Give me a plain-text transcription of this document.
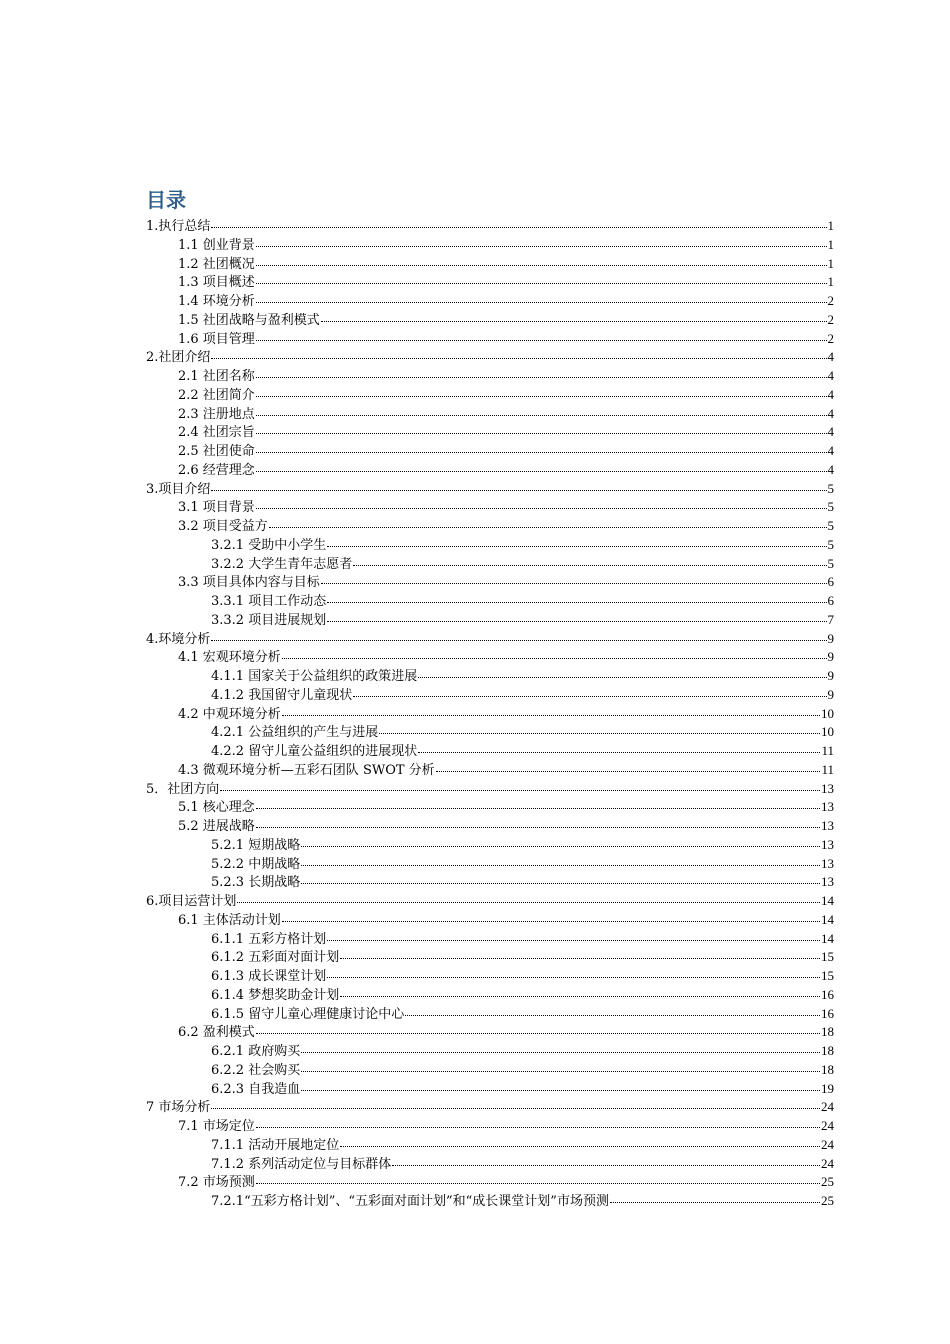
目录
1.执行总结	1
1.1 创业背景	1
1.2 社团概况	1
1.3 项目概述	1
1.4 环境分析	2
1.5 社团战略与盈利模式	2
1.6 项目管理	2
2.社团介绍	4
2.1 社团名称	4
2.2 社团简介	4
2.3 注册地点	4
2.4 社团宗旨	4
2.5 社团使命	4
2.6 经营理念	4
3.项目介绍	5
3.1 项目背景	5
3.2 项目受益方	5
3.2.1 受助中小学生	5
3.2.2 大学生青年志愿者	5
3.3 项目具体内容与目标	6
3.3.1 项目工作动态	6
3.3.2 项目进展规划	7
4.环境分析	9
4.1 宏观环境分析	9
4.1.1 国家关于公益组织的政策进展	9
4.1.2 我国留守儿童现状	9
4.2 中观环境分析	10
4.2.1 公益组织的产生与进展	10
4.2.2 留守儿童公益组织的进展现状	11
4.3 微观环境分析—五彩石团队 SWOT 分析	11
5．社团方向	13
5.1 核心理念	13
5.2 进展战略	13
5.2.1 短期战略	13
5.2.2 中期战略	13
5.2.3 长期战略	13
6.项目运营计划	14
6.1 主体活动计划	14
6.1.1 五彩方格计划	14
6.1.2 五彩面对面计划	15
6.1.3 成长课堂计划	15
6.1.4 梦想奖助金计划	16
6.1.5 留守儿童心理健康讨论中心	16
6.2 盈利模式	18
6.2.1 政府购买	18
6.2.2 社会购买	18
6.2.3 自我造血	19
7 市场分析	24
7.1 市场定位	24
7.1.1 活动开展地定位	24
7.1.2 系列活动定位与目标群体	24
7.2 市场预测	25
7.2.1“五彩方格计划”、“五彩面对面计划”和“成长课堂计划”市场预测	25
